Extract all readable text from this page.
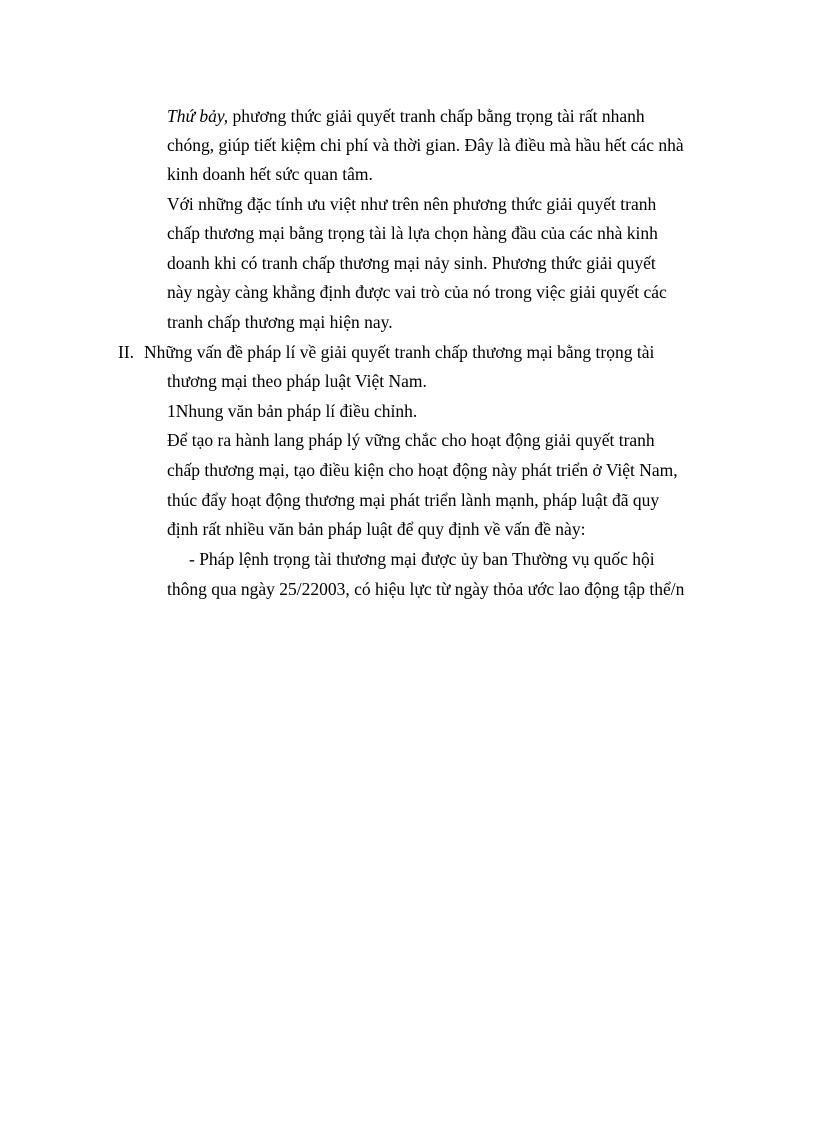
Thứ bảy, phương thức giải quyết tranh chấp bằng trọng tài rất nhanh

chóng, giúp tiết kiệm chi phí và thời gian. Đây là điều mà hầu hết các nhà

kinh doanh hết sức quan tâm.

Với những đặc tính ưu việt như trên nên phương thức giải quyết tranh

chấp thương mại bằng trọng tài là lựa chọn hàng đầu của các nhà kinh

doanh khi có tranh chấp thương mại nảy sinh. Phương thức giải quyết

này ngày càng khẳng định được vai trò của nó trong việc giải quyết các

tranh chấp thương mại hiện nay.

II. Những vấn đề pháp lí về giải quyết tranh chấp thương mại bằng trọng tài

thương mại theo pháp luật Việt Nam.

1Nhung văn bản pháp lí điều chỉnh.

Để tạo ra hành lang pháp lý vững chắc cho hoạt động giải quyết tranh

chấp thương mại, tạo điều kiện cho hoạt động này phát triển ở Việt Nam,

thúc đẩy hoạt động thương mại phát triển lành mạnh, pháp luật đã quy

định rất nhiều văn bản pháp luật để quy định về vấn đề này:

- Pháp lệnh trọng tài thương mại được ủy ban Thường vụ quốc hội

thông qua ngày 25/22003, có hiệu lực từ ngày thỏa ước lao động tập thể/n
